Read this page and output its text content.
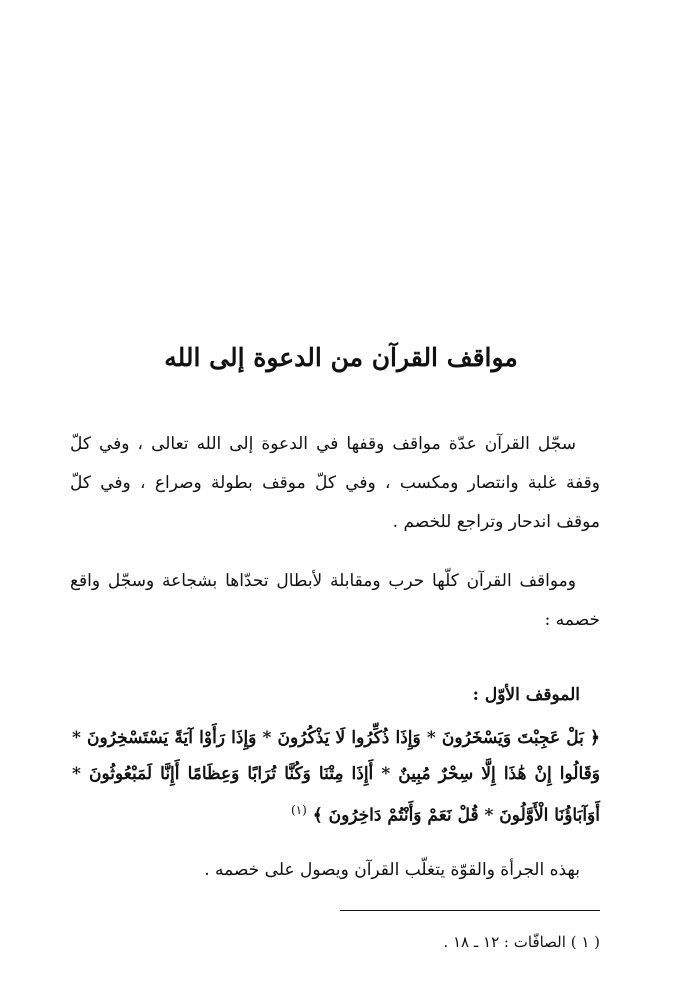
مواقف القرآن من الدعوة إلى الله

سجّل القرآن عدّة مواقف وقفها في الدعوة إلى الله تعالى ، وفي كلّ وقفة غلبة وانتصار ومكسب ، وفي كلّ موقف بطولة وصراع ، وفي كلّ موقف اندحار وتراجع للخصم .

ومواقف القرآن كلّها حرب ومقابلة لأبطال تحدّاها بشجاعة وسجّل واقع خصمه :

الموقف الأوّل :
﴿ بَلْ عَجِبْتَ وَيَسْخَرُونَ * وَإِذَا ذُكِّرُوا لَا يَذْكُرُونَ * وَإِذَا رَأَوْا آيَةً يَسْتَسْخِرُونَ * وَقَالُوا إِنْ هَٰذَا إِلَّا سِحْرٌ مُبِينٌ * أَإِذَا مِتْنَا وَكُنَّا تُرَابًا وَعِظَامًا أَإِنَّا لَمَبْعُوثُونَ * أَوَآبَاؤُنَا الْأَوَّلُونَ * قُلْ نَعَمْ وَأَنْتُمْ دَاخِرُونَ ﴾ $^{(١)}$
بهذه الجرأة والقوّة يتغلّب القرآن ويصول على خصمه .
( ١ ) الصافّات : ١٢ ـ ١٨ .
